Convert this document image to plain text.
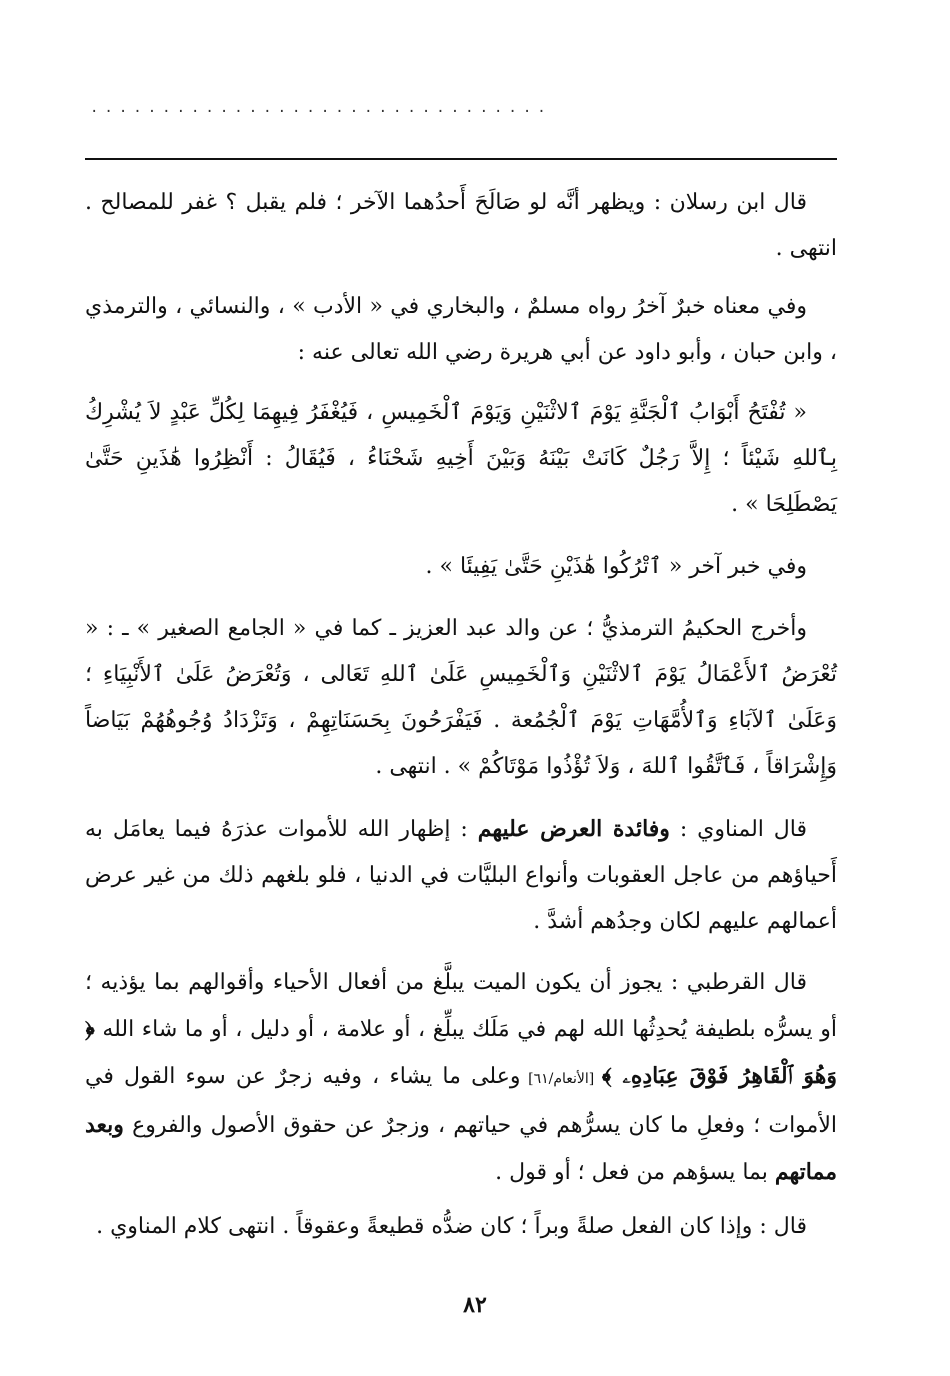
................................

قال ابن رسلان : ويظهر أنَّه لو صَالَحَ أَحدُهما الآخر ؛ فلم يقبل ؟ غفر للمصالح . انتهى .

وفي معناه خبرٌ آخرُ رواه مسلمٌ ، والبخاري في « الأدب » ، والنسائي ، والترمذي ، وابن حبان ، وأبو داود عن أبي هريرة رضي الله تعالى عنه :

« تُفْتَحُ أَبْوَابُ ٱلْجَنَّةِ يَوْمَ ٱلاثْنَيْنِ وَيَوْمَ ٱلْخَمِيسِ ، فَيُغْفَرُ فِيهِمَا لِكُلِّ عَبْدٍ لاَ يُشْرِكُ بِٱللهِ شَيْئاً ؛ إِلاَّ رَجُلٌ كَانَتْ بَيْنَهُ وَبَيْنَ أَخِيهِ شَحْنَاءُ ، فَيُقَالُ : أَنْظِرُوا هَٰذَينِ حَتَّىٰ يَصْطَلِحَا » .

وفي خبر آخر « ٱتْرُكُوا هَٰذَيْنِ حَتَّىٰ يَفِيئَا » .

وأخرج الحكيمُ الترمذيُّ ؛ عن والد عبد العزيز ـ كما في « الجامع الصغير » ـ : « تُعْرَضُ ٱلأَعْمَالُ يَوْمَ ٱلاثْنَيْنِ وَٱلْخَمِيسِ عَلَىٰ ٱللهِ تَعَالى ، وَتُعْرَضُ عَلَىٰ ٱلأَنْبِيَاءِ ؛ وَعَلَىٰ ٱلآبَاءِ وَٱلأُمَّهَاتِ يَوْمَ ٱلْجُمُعة . فَيَفْرَحُونَ بِحَسَنَاتِهِمْ ، وَتَزْدَادُ وُجُوهُهُمْ بَيَاضاً وَإِشْرَاقاً ، فَٱتَّقُوا ٱللهَ ، وَلاَ تُؤْذُوا مَوْتَاكُمْ » . انتهى .

قال المناوي : وفائدة العرض عليهم : إظهار الله للأموات عذرَهُ فيما يعامَل به أَحياؤهم من عاجل العقوبات وأنواع البليَّات في الدنيا ، فلو بلغهم ذلك من غير عرض أعمالهم عليهم لكان وجدُهم أشدَّ .

قال القرطبي : يجوز أن يكون الميت يبلَّغ من أفعال الأحياء وأقوالهم بما يؤذيه ؛ أو يسرُّه بلطيفة يُحدِثُها الله لهم في مَلَك يبلِّغ ، أو علامة ، أو دليل ، أو ما شاء الله ﴿ وَهُوَ ٱلْقَاهِرُ فَوْقَ عِبَادِهِۦ ﴾ [الأنعام/٦١] وعلى ما يشاء ، وفيه زجرٌ عن سوء القول في الأموات ؛ وفعلِ ما كان يسرُّهم في حياتهم ، وزجرٌ عن حقوق الأصول والفروع وبعد مماتهم بما يسؤهم من فعل ؛ أو قول .

قال : وإذا كان الفعل صلةً وبراً ؛ كان ضدُّه قطيعةً وعقوقاً . انتهى كلام المناوي .

٨٢
